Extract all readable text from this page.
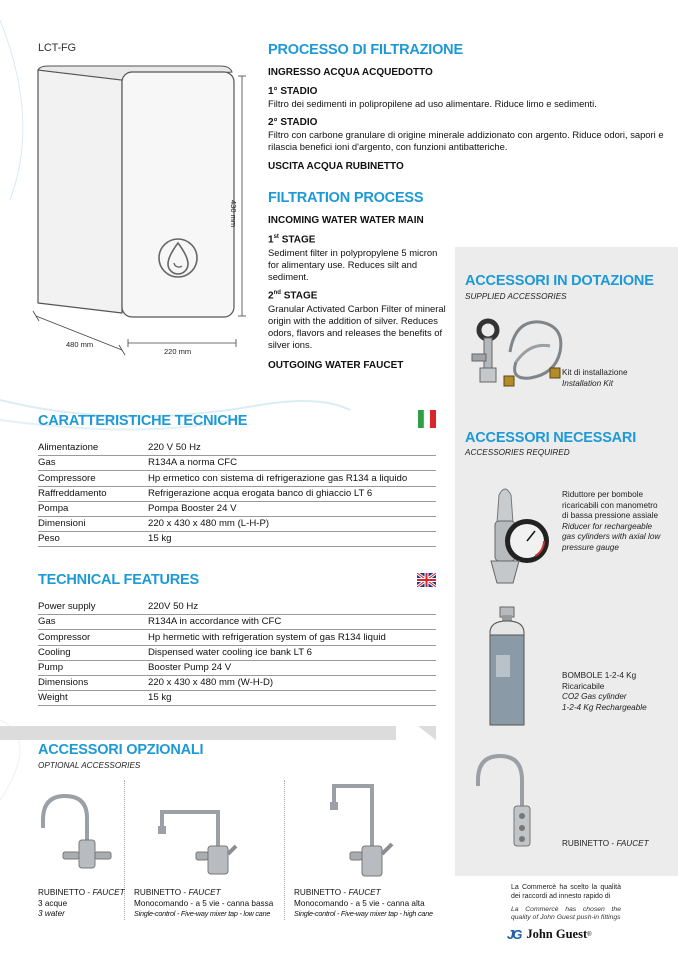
LCT-FG
430 mm
480 mm
220 mm
PROCESSO DI FILTRAZIONE
INGRESSO ACQUA ACQUEDOTTO
1° STADIO
Filtro dei sedimenti in polipropilene ad uso alimentare. Riduce limo e sedimenti.
2° STADIO
Filtro con carbone granulare di origine minerale addizionato con argento. Riduce odori, sapori e rilascia benefici ioni d'argento, con funzioni antibatteriche.
USCITA ACQUA RUBINETTO
FILTRATION PROCESS
INCOMING WATER WATER MAIN
1st STAGE
Sediment filter in polypropylene 5 micron for alimentary use. Reduces silt and sediment.
2nd STAGE
Granular Activated Carbon Filter of mineral origin with the addition of silver. Reduces odors, flavors and releases the benefits of silver ions.
OUTGOING WATER FAUCET
CARATTERISTICHE TECNICHE
Alimentazione	220 V 50 Hz
Gas	R134A a norma CFC
Compressore	Hp ermetico con sistema di refrigerazione gas R134 a liquido
Raffreddamento	Refrigerazione acqua erogata banco di ghiaccio LT 6
Pompa	Pompa Booster 24 V
Dimensioni	220 x 430 x 480 mm (L-H-P)
Peso	15 kg
TECHNICAL FEATURES
Power supply	220V 50 Hz
Gas	R134A in accordance with CFC
Compressor	Hp hermetic with refrigeration system of gas R134 liquid
Cooling	Dispensed water cooling ice bank LT 6
Pump	Booster Pump 24 V
Dimensions	220 x 430 x 480 mm (W-H-D)
Weight	15 kg
ACCESSORI OPZIONALI
OPTIONAL ACCESSORIES
RUBINETTO - FAUCET
3 acque
3 water
RUBINETTO - FAUCET
Monocomando - a 5 vie - canna bassa
Single-control - Five-way mixer tap - low cane
RUBINETTO - FAUCET
Monocomando - a 5 vie - canna alta
Single-control - Five-way mixer tap - high cane
ACCESSORI IN DOTAZIONE
SUPPLIED ACCESSORIES
Kit di installazione
Installation Kit
ACCESSORI NECESSARI
ACCESSORIES REQUIRED
Riduttore per bombole ricaricabili con manometro di bassa pressione assiale
Riducer for rechargeable gas cylinders with axial low pressure gauge
BOMBOLE 1-2-4 Kg
Ricaricabile
CO2 Gas cylinder
1-2-4 Kg Rechargeable
RUBINETTO - FAUCET
La Commercè ha scelto la qualità dei raccordi ad innesto rapido di
La Commercè has chosen the quality of John Guest push-in fittings
JG John Guest ®
